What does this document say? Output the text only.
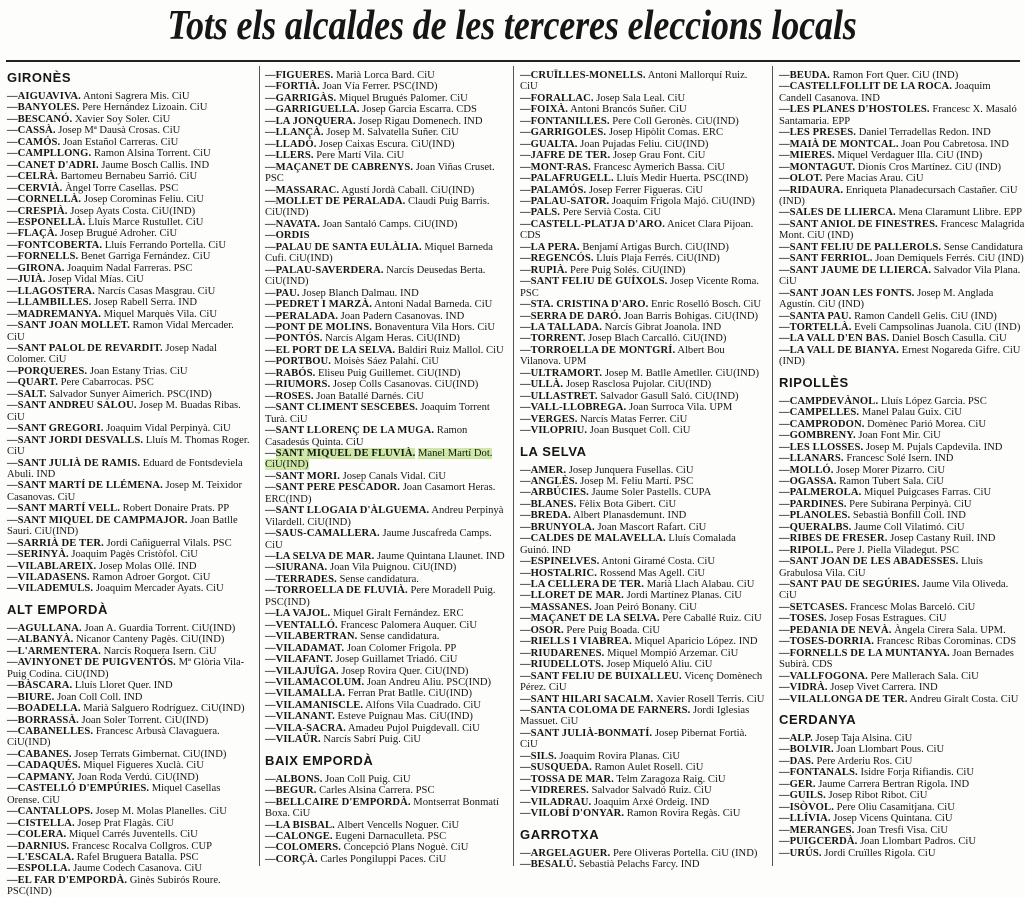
Tots els alcaldes de les terceres eleccions locals
GIRONÈS
—AIGUAVIVA. Antoni Sagrera Mis. CiU
—BANYOLES. Pere Hernández Lizoain. CiU
—BESCANÓ. Xavier Soy Soler. CiU
—CASSÀ. Josep Mª Dausà Crosas. CiU
—CAMÓS. Joan Estañol Carreras. CiU
—CAMPLLONG. Ramon Alsina Torrent. CiU
—CANET D'ADRI. Jaume Bosch Callis. IND
—CELRÀ. Bartomeu Bernabeu Sarrió. CiU
—CERVIÀ. Àngel Torre Casellas. PSC
—CORNELLÀ. Josep Corominas Feliu. CiU
—CRESPIÀ. Josep Ayats Costa. CiU(IND)
—ESPONELLÀ. Lluís Marce Rustullet. CiU
—FLAÇÀ. Josep Brugué Adroher. CiU
—FONTCOBERTA. Lluís Ferrando Portella. CiU
—FORNELLS. Benet Garriga Fernández. CiU
—GIRONA. Joaquim Nadal Farreras. PSC
—JUIÀ. Josep Vidal Mías. CiU
—LLAGOSTERA. Narcís Casas Masgrau. CiU
—LLAMBILLES. Josep Rabell Serra. IND
—MADREMANYA. Miquel Marquès Vila. CiU
—SANT JOAN MOLLET. Ramon Vidal Mercader. CiU
—SANT PALOL DE REVARDIT. Josep Nadal Colomer. CiU
—PORQUERES. Joan Estany Trias. CiU
—QUART. Pere Cabarrocas. PSC
—SALT. Salvador Sunyer Aimerich. PSC(IND)
—SANT ANDREU SALOU. Josep M. Buadas Ribas. CiU
—SANT GREGORI. Joaquim Vidal Perpinyà. CiU
—SANT JORDI DESVALLS. Lluís M. Thomas Roger. CiU
—SANT JULIÀ DE RAMIS. Eduard de Fontsdeviela Abuli. IND
—SANT MARTÍ DE LLÉMENA. Josep M. Teixidor Casanovas. CiU
—SANT MARTÍ VELL. Robert Donaire Prats. PP
—SANT MIQUEL DE CAMPMAJOR. Joan Batlle Sauri. CiU(IND)
—SARRIÀ DE TER. Jordi Cañiguerral Vilals. PSC
—SERINYÀ. Joaquim Pagès Cristòfol. CiU
—VILABLAREIX. Josep Molas Ollé. IND
—VILADASENS. Ramon Adroer Gorgot. CiU
—VILADEMULS. Joaquim Mercader Ayats. CiU
ALT EMPORDÀ
—AGULLANA. Joan A. Guardia Torrent. CiU(IND)
—ALBANYÀ. Nicanor Canteny Pagès. CiU(IND)
—L'ARMENTERA. Narcís Roquera Isern. CiU
—AVINYONET DE PUIGVENTÓS. Mª Glòria Vila-Puig Codina. CiU(IND)
—BÀSCARA. Lluís Lloret Quer. IND
—BIURE. Joan Coll Coll. IND
—BOADELLA. Marià Salguero Rodríguez. CiU(IND)
—BORRASSÀ. Joan Soler Torrent. CiU(IND)
—CABANELLES. Francesc Arbusà Clavaguera. CiU(IND)
—CABANES. Josep Terrats Gimbernat. CiU(IND)
—CADAQUÉS. Miquel Figueres Xuclà. CiU
—CAPMANY. Joan Roda Verdú. CiU(IND)
—CASTELLÓ D'EMPÚRIES. Miquel Casellas Orense. CiU
—CANTALLOPS. Josep M. Molas Planelles. CiU
—CISTELLA. Josep Prat Flagàs. CiU
—COLERA. Miquel Carrés Juventells. CiU
—DARNIUS. Francesc Rocalva Collgros. CUP
—L'ESCALA. Rafel Bruguera Batalla. PSC
—ESPOLLA. Jaume Codech Casanova. CiU
—EL FAR D'EMPORDÀ. Ginès Subirós Roure. PSC(IND)
—FIGUERES. Marià Lorca Bard. CiU
—FORTIÀ. Joan Vía Ferrer. PSC(IND)
—GARRIGÀS. Miquel Brugués Palomer. CiU
—GARRIGUELLA. Josep Garcia Escarra. CDS
—LA JONQUERA. Josep Rigau Domenech. IND
—LLANÇÀ. Josep M. Salvatella Suñer. CiU
—LLADÓ. Josep Caixas Escura. CiU(IND)
—LLERS. Pere Martí Vila. CiU
—MAÇANET DE CABRENYS. Joan Viñas Cruset. PSC
—MASSARAC. Agustí Jordà Caball. CiU(IND)
—MOLLET DE PERALADA. Claudi Puig Barris. CiU(IND)
—NAVATA. Joan Santaló Camps. CiU(IND)
—ORDIS
—PALAU DE SANTA EULÀLIA. Miquel Barneda Cufi. CiU(IND)
—PALAU-SAVERDERA. Narcís Deusedas Berta. CiU(IND)
—PAU. Josep Blanch Dalmau. IND
—PEDRET I MARZÀ. Antoni Nadal Barneda. CiU
—PERALADA. Joan Padern Casanovas. IND
—PONT DE MOLINS. Bonaventura Vila Hors. CiU
—PONTÓS. Narcís Algam Heras. CiU(IND)
—EL PORT DE LA SELVA. Baldiri Ruiz Mallol. CiU
—PORTBOU. Moisès Sáez Palahí. CiU
—RABÓS. Eliseu Puig Guillemet. CiU(IND)
—RIUMORS. Josep Colls Casanovas. CiU(IND)
—ROSES. Joan Batallé Darnés. CiU
—SANT CLIMENT SESCEBES. Joaquim Torrent Turà. CiU
—SANT LLORENÇ DE LA MUGA. Ramon Casadesús Quinta. CiU
—SANT MIQUEL DE FLUVIÀ. Manel Martí Dot. CiU(IND)
—SANT MORI. Josep Canals Vidal. CiU
—SANT PERE PESCADOR. Joan Casamort Heras. ERC(IND)
—SANT LLOGAIA D'ÀLGUEMA. Andreu Perpinyà Vilardell. CiU(IND)
—SAUS-CAMALLERA. Jaume Juscafreda Camps. CiU
—LA SELVA DE MAR. Jaume Quintana Llaunet. IND
—SIURANA. Joan Vila Puignou. CiU(IND)
—TERRADES. Sense candidatura.
—TORROELLA DE FLUVIÀ. Pere Moradell Puig. PSC(IND)
—LA VAJOL. Miquel Giralt Fernández. ERC
—VENTALLÓ. Francesc Palomera Auquer. CiU
—VILABERTRAN. Sense candidatura.
—VILADAMAT. Joan Colomer Frigola. PP
—VILAFANT. Josep Guillamet Triadó. CiU
—VILAJUÏGA. Josep Rovira Quer. CiU(IND)
—VILAMACOLUM. Joan Andreu Aliu. PSC(IND)
—VILAMALLA. Ferran Prat Batlle. CiU(IND)
—VILAMANISCLE. Alfons Vila Cuadrado. CiU
—VILANANT. Esteve Puignau Mas. CiU(IND)
—VILA-SACRA. Amadeu Pujol Puigdevall. CiU
—VILAÜR. Narcís Sabrí Puig. CiU
BAIX EMPORDÀ
—ALBONS. Joan Coll Puig. CiU
—BEGUR. Carles Alsina Carrera. PSC
—BELLCAIRE D'EMPORDÀ. Montserrat Bonmatí Boxa. CiU
—LA BISBAL. Albert Vencells Noguer. CiU
—CALONGE. Eugeni Darnaculleta. PSC
—COLOMERS. Concepció Plans Noguè. CiU
—CORÇÀ. Carles Pongiluppi Paces. CiU
—CRUÏLLES-MONELLS. Antoni Mallorquí Ruiz. CiU
—FORALLAC. Josep Sala Leal. CiU
—FOIXÀ. Antoni Brancós Suñer. CiU
—FONTANILLES. Pere Coll Geronès. CiU(IND)
—GARRIGOLES. Josep Hipòlit Comas. ERC
—GUALTA. Joan Pujadas Feliu. CiU(IND)
—JAFRE DE TER. Josep Grau Font. CiU
—MONT-RAS. Francesc Aymerich Bassa. CiU
—PALAFRUGELL. Lluís Medir Huerta. PSC(IND)
—PALAMÓS. Josep Ferrer Figueras. CiU
—PALAU-SATOR. Joaquim Frigola Majó. CiU(IND)
—PALS. Pere Servià Costa. CiU
—CASTELL-PLATJA D'ARO. Anicet Clara Pijoan. CDS
—LA PERA. Benjamí Artigas Burch. CiU(IND)
—REGENCÓS. Lluís Plaja Ferrés. CiU(IND)
—RUPIÀ. Pere Puig Solés. CiU(IND)
—SANT FELIU DE GUÍXOLS. Josep Vicente Roma. PSC
—STA. CRISTINA D'ARO. Enric Roselló Bosch. CiU
—SERRA DE DARÓ. Joan Barris Bohigas. CiU(IND)
—LA TALLADA. Narcís Gibrat Joanola. IND
—TORRENT. Josep Blach Carcalló. CiU(IND)
—TORROELLA DE MONTGRÍ. Albert Bou Vilanova. UPM
—ULTRAMORT. Josep M. Batlle Ametller. CiU(IND)
—ULLÀ. Josep Rasclosa Pujolar. CiU(IND)
—ULLASTRET. Salvador Gasull Saló. CiU(IND)
—VALL-LLOBREGA. Joan Surroca Vila. UPM
—VERGES. Narcís Matas Ferrer. CiU
—VILOPRIU. Joan Busquet Coll. CiU
LA SELVA
—AMER. Josep Junquera Fusellas. CiU
—ANGLÈS. Josep M. Feliu Martí. PSC
—ARBÚCIES. Jaume Soler Pastells. CUPA
—BLANES. Fèlix Bota Gibert. CiU
—BREDA. Albert Planasdemunt. IND
—BRUNYOLA. Joan Mascort Rafart. CiU
—CALDES DE MALAVELLA. Lluís Comalada Guinó. IND
—ESPINELVES. Antoni Giramé Costa. CiU
—HOSTALRIC. Rossend Mas Agell. CiU
—LA CELLERA DE TER. Marià Llach Alabau. CiU
—LLORET DE MAR. Jordi Martínez Planas. CiU
—MASSANES. Joan Peiró Bonany. CiU
—MAÇANET DE LA SELVA. Pere Caballé Ruiz. CiU
—OSOR. Pere Puig Boada. CiU
—RIELLS I VIABREA. Miquel Aparicio López. IND
—RIUDARENES. Miquel Mompió Arzemar. CiU
—RIUDELLOTS. Josep Miqueló Aliu. CiU
—SANT FELIU DE BUIXALLEU. Vicenç Domènech Pérez. CiU
—SANT HILARI SACALM. Xavier Rosell Terris. CiU
—SANTA COLOMA DE FARNERS. Jordi Iglesias Massuet. CiU
—SANT JULIÀ-BONMATÍ. Josep Pibernat Fortià. CiU
—SILS. Joaquim Rovira Planas. CiU
—SUSQUEDA. Ramon Aulet Rosell. CiU
—TOSSA DE MAR. Telm Zaragoza Raig. CiU
—VIDRERES. Salvador Salvadó Ruiz. CiU
—VILADRAU. Joaquim Arxé Ordeig. IND
—VILOBÍ D'ONYAR. Ramon Rovira Regàs. CiU
GARROTXA
—ARGELAGUER. Pere Oliveras Portella. CiU (IND)
—BESALÚ. Sebastià Pelachs Farcy. IND
—BEUDA. Ramon Fort Quer. CiU (IND)
—CASTELLFOLLIT DE LA ROCA. Joaquim Candell Casanova. IND
—LES PLANES D'HOSTOLES. Francesc X. Masaló Santamaria. EPP
—LES PRESES. Daniel Terradellas Redon. IND
—MAIÀ DE MONTCAL. Joan Pou Cabretosa. IND
—MIERES. Miquel Verdaguer Illa. CiU (IND)
—MONTAGUT. Dionís Cros Martínez. CiU (IND)
—OLOT. Pere Macias Arau. CiU
—RIDAURA. Enriqueta Planadecursach Castañer. CiU (IND)
—SALES DE LLIERCA. Mena Claramunt Llibre. EPP
—SANT ANIOL DE FINESTRES. Francesc Malagrida Mont. CiU (IND)
—SANT FELIU DE PALLEROLS. Sense Candidatura
—SANT FERRIOL. Joan Demiquels Ferrés. CiU (IND)
—SANT JAUME DE LLIERCA. Salvador Vila Plana. CiU
—SANT JOAN LES FONTS. Josep M. Anglada Agustín. CiU (IND)
—SANTA PAU. Ramon Candell Gelis. CiU (IND)
—TORTELLÀ. Eveli Campsolinas Juanola. CiU (IND)
—LA VALL D'EN BAS. Daniel Bosch Casulla. CiU
—LA VALL DE BIANYA. Ernest Nogareda Gifre. CiU (IND)
RIPOLLÈS
—CAMPDEVÀNOL. Lluís López Garcia. PSC
—CAMPELLES. Manel Palau Guix. CiU
—CAMPRODON. Domènec Parió Morea. CiU
—GOMBRENY. Joan Font Mir. CiU
—LES LLOSSES. Josep M. Pujals Capdevila. IND
—LLANARS. Francesc Solé Isern. IND
—MOLLÓ. Josep Morer Pizarro. CiU
—OGASSA. Ramon Tubert Sala. CiU
—PALMEROLA. Miquel Puigcases Farras. CiU
—PARDINES. Pere Subirana Perpinyà. CiU
—PLANOLES. Sebastià Bonfill Coll. IND
—QUERALBS. Jaume Coll Vilatimó. CiU
—RIBES DE FRESER. Josep Castany Ruil. IND
—RIPOLL. Pere J. Piella Viladegut. PSC
—SANT JOAN DE LES ABADESSES. Lluís Grabulosa Vila. CiU
—SANT PAU DE SEGÚRIES. Jaume Vila Oliveda. CiU
—SETCASES. Francesc Molas Barceló. CiU
—TOSES. Josep Fosas Estragues. CiU
—PEDANIA DE NEVÀ. Àngela Cirera Sala. UPM.
—TOSES-DORRIA. Francesc Ribas Corominas. CDS
—FORNELLS DE LA MUNTANYA. Joan Bernades Subirà. CDS
—VALLFOGONA. Pere Mallerach Sala. CiU
—VIDRÀ. Josep Vivet Carrera. IND
—VILALLONGA DE TER. Andreu Giralt Costa. CiU
CERDANYA
—ALP. Josep Taja Alsina. CiU
—BOLVIR. Joan Llombart Pous. CiU
—DAS. Pere Arderiu Ros. CiU
—FONTANALS. Isidre Forja Rifiandis. CiU
—GER. Jaume Carrera Bertran Rigola. IND
—GUILS. Josep Ribot Ribot. CiU
—ISÒVOL. Pere Oliu Casamitjana. CiU
—LLÍVIA. Josep Vicens Quintana. CiU
—MERANGES. Joan Tresfi Visa. CiU
—PUIGCERDÀ. Joan Llombart Padros. CiU
—URÚS. Jordi Cruïlles Rigola. CiU
